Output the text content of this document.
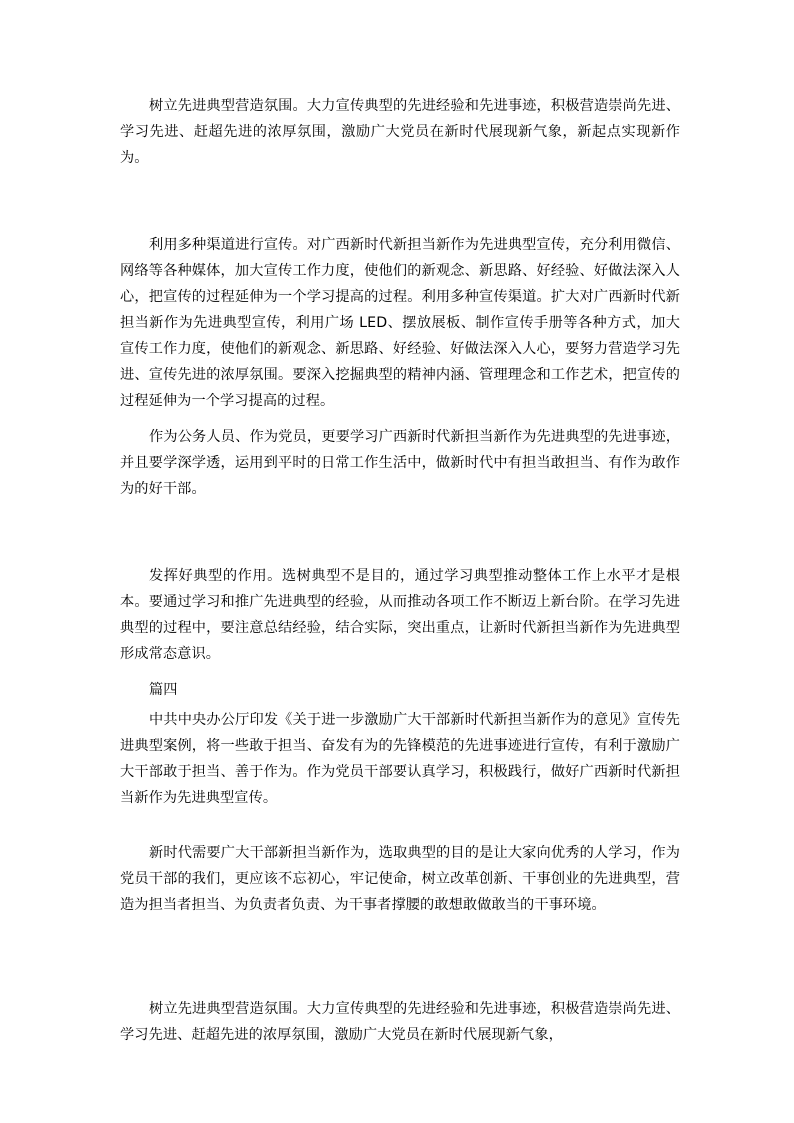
树立先进典型营造氛围。大力宣传典型的先进经验和先进事迹，积极营造崇尚先进、学习先进、赶超先进的浓厚氛围，激励广大党员在新时代展现新气象，新起点实现新作为。

利用多种渠道进行宣传。对广西新时代新担当新作为先进典型宣传，充分利用微信、网络等各种媒体，加大宣传工作力度，使他们的新观念、新思路、好经验、好做法深入人心，把宣传的过程延伸为一个学习提高的过程。利用多种宣传渠道。扩大对广西新时代新担当新作为先进典型宣传，利用广场 LED、摆放展板、制作宣传手册等各种方式，加大宣传工作力度，使他们的新观念、新思路、好经验、好做法深入人心，要努力营造学习先进、宣传先进的浓厚氛围。要深入挖掘典型的精神内涵、管理理念和工作艺术，把宣传的过程延伸为一个学习提高的过程。

作为公务人员、作为党员，更要学习广西新时代新担当新作为先进典型的先进事迹，并且要学深学透，运用到平时的日常工作生活中，做新时代中有担当敢担当、有作为敢作为的好干部。

发挥好典型的作用。选树典型不是目的，通过学习典型推动整体工作上水平才是根本。要通过学习和推广先进典型的经验，从而推动各项工作不断迈上新台阶。在学习先进典型的过程中，要注意总结经验，结合实际，突出重点，让新时代新担当新作为先进典型形成常态意识。

篇四

中共中央办公厅印发《关于进一步激励广大干部新时代新担当新作为的意见》宣传先进典型案例，将一些敢于担当、奋发有为的先锋模范的先进事迹进行宣传，有利于激励广大干部敢于担当、善于作为。作为党员干部要认真学习，积极践行，做好广西新时代新担当新作为先进典型宣传。

新时代需要广大干部新担当新作为，选取典型的目的是让大家向优秀的人学习，作为党员干部的我们，更应该不忘初心，牢记使命，树立改革创新、干事创业的先进典型，营造为担当者担当、为负责者负责、为干事者撑腰的敢想敢做敢当的干事环境。

树立先进典型营造氛围。大力宣传典型的先进经验和先进事迹，积极营造崇尚先进、学习先进、赶超先进的浓厚氛围，激励广大党员在新时代展现新气象，
